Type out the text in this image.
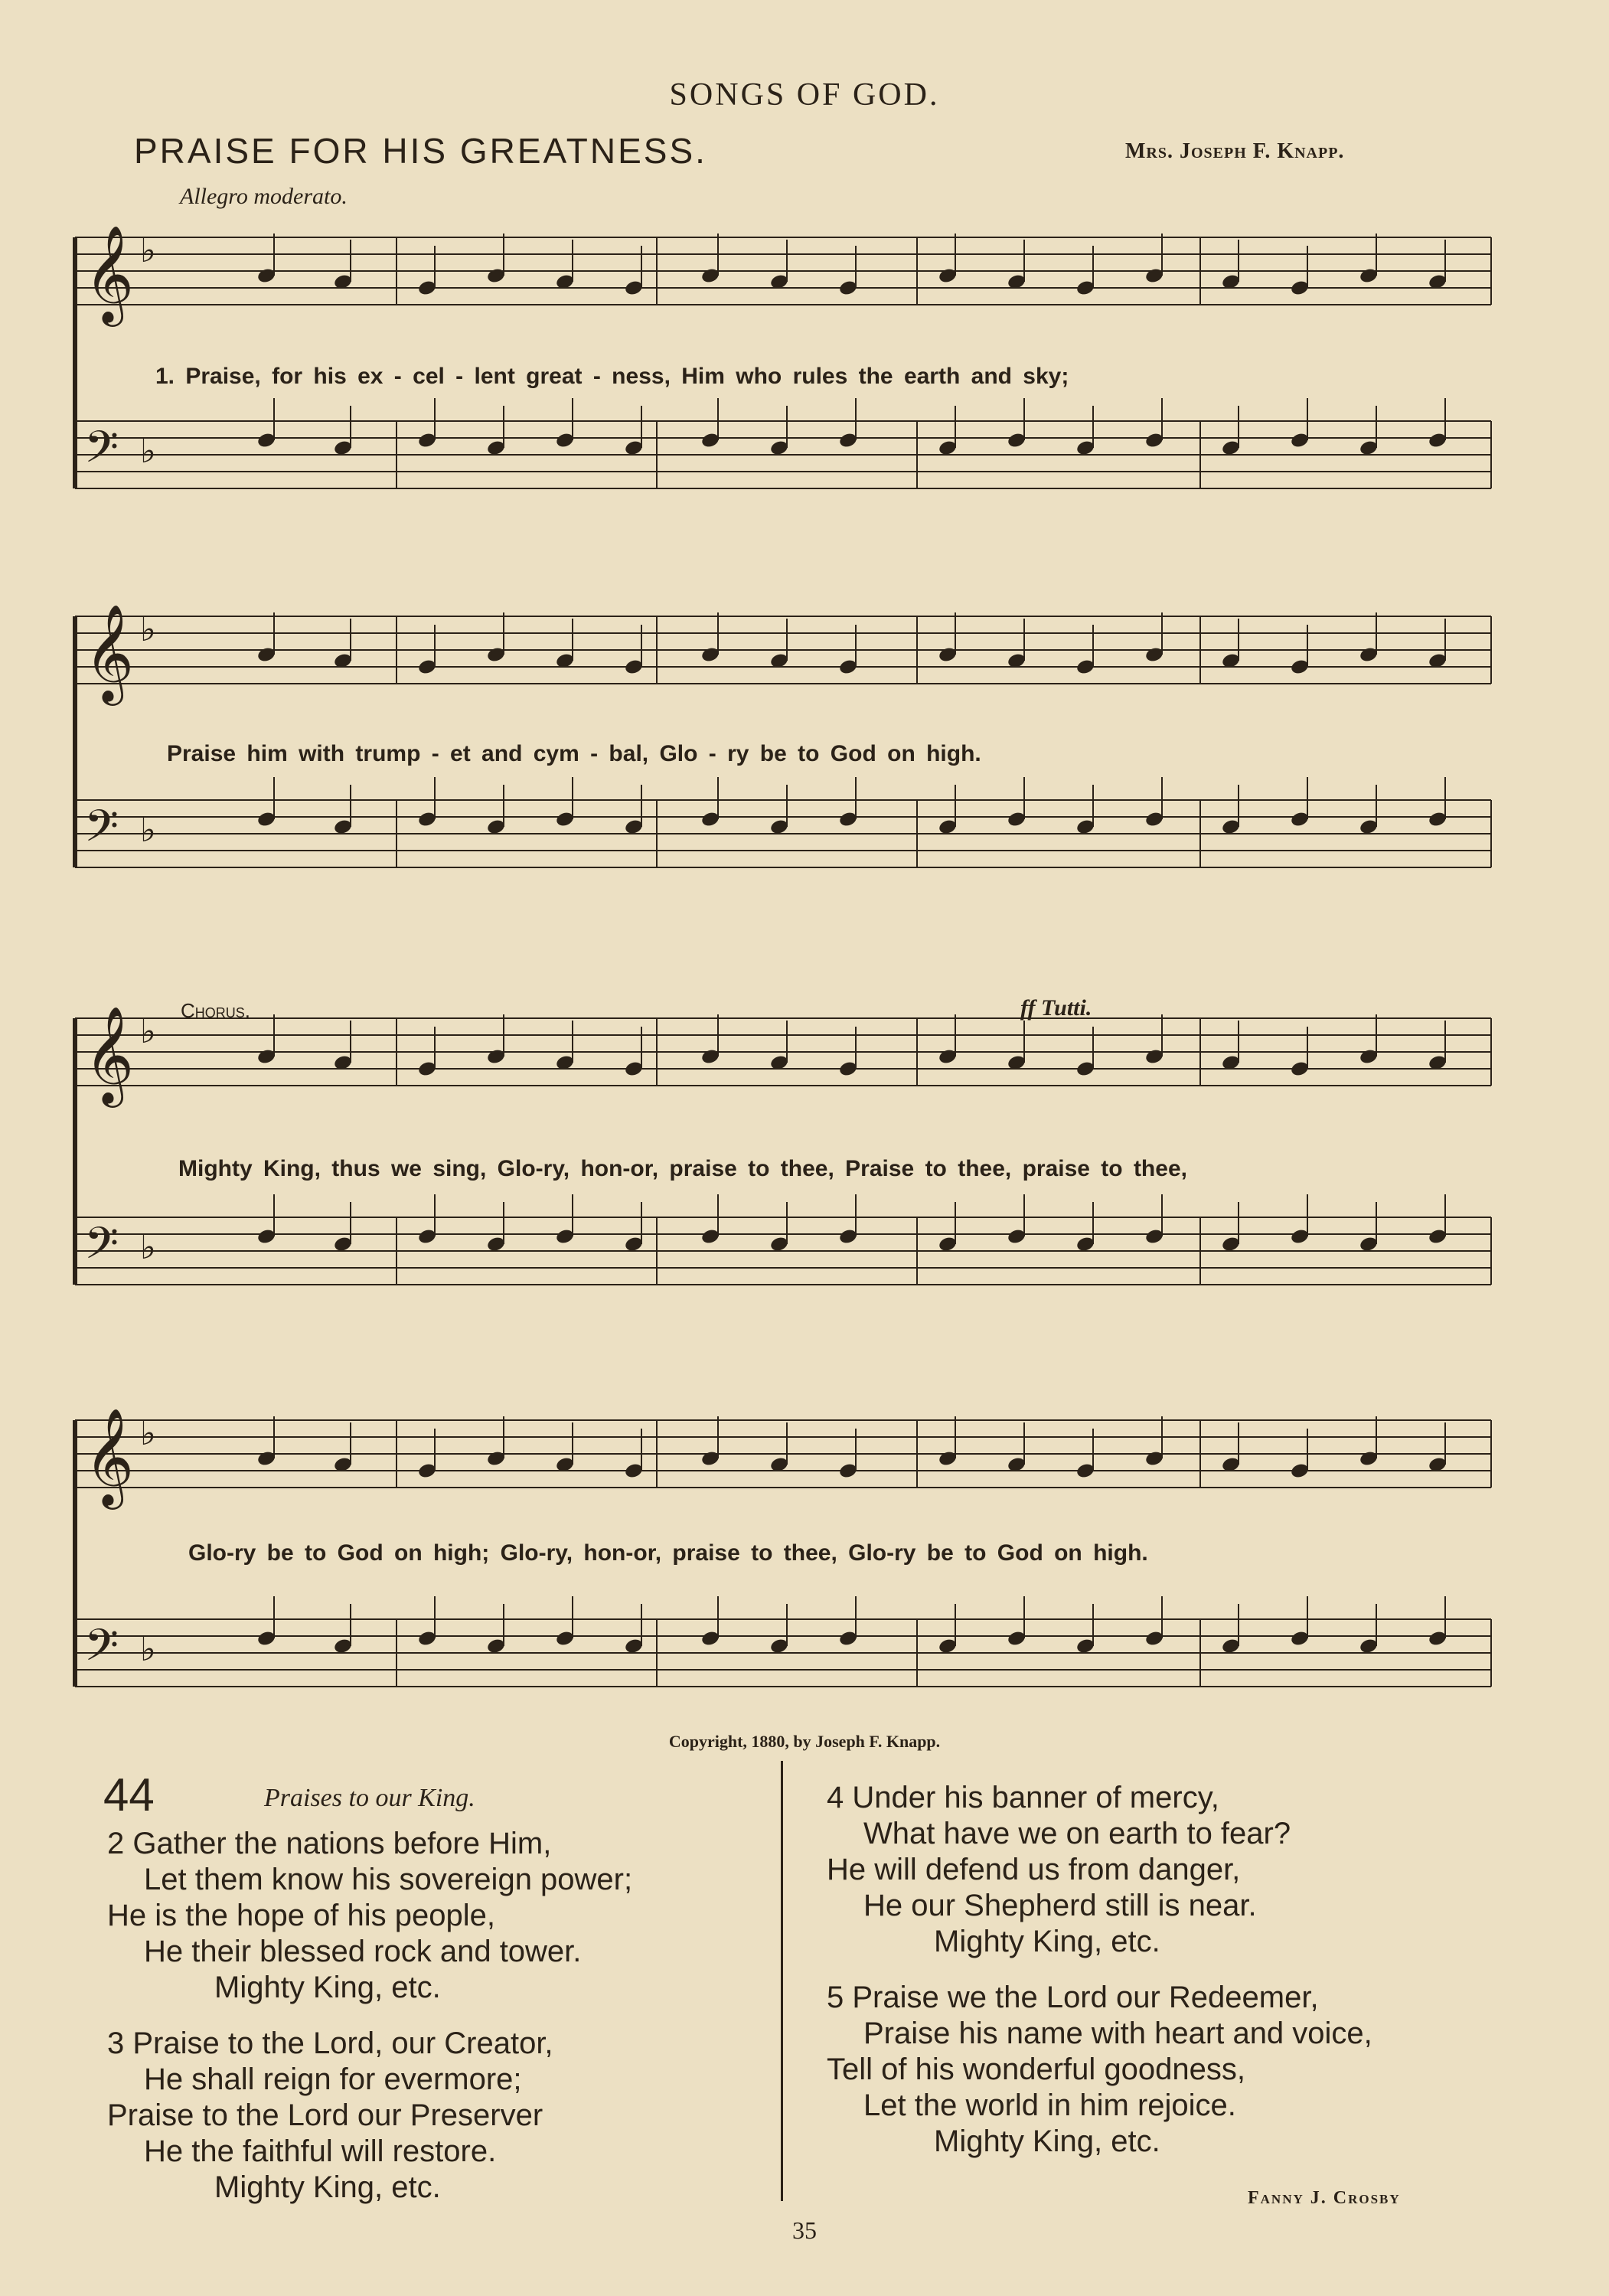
SONGS OF GOD.
PRAISE FOR HIS GREATNESS.	Mrs. Joseph F. Knapp.
Allegro moderato.
𝄞
𝄢
♭
♭
1. Praise, for his ex - cel - lent great - ness, Him who rules the earth and sky;
𝄞
𝄢
♭
♭
Praise him with trump - et and cym - bal, Glo - ry be to God on high.
Chorus.	ff Tutti.
𝄞
𝄢
♭
♭
Mighty King, thus we sing, Glo-ry, hon-or, praise to thee, Praise to thee, praise to thee,
𝄞
𝄢
♭
♭
Glo-ry be to God on high; Glo-ry, hon-or, praise to thee, Glo-ry be to God on high.
Copyright, 1880, by Joseph F. Knapp.
44	Praises to our King.
2 Gather the nations before Him,
Let them know his sovereign power;
He is the hope of his people,
He their blessed rock and tower.
Mighty King, etc.
3 Praise to the Lord, our Creator,
He shall reign for evermore;
Praise to the Lord our Preserver
He the faithful will restore.
Mighty King, etc.
4 Under his banner of mercy,
What have we on earth to fear?
He will defend us from danger,
He our Shepherd still is near.
Mighty King, etc.
5 Praise we the Lord our Redeemer,
Praise his name with heart and voice,
Tell of his wonderful goodness,
Let the world in him rejoice.
Mighty King, etc.
Fanny J. Crosby
35
